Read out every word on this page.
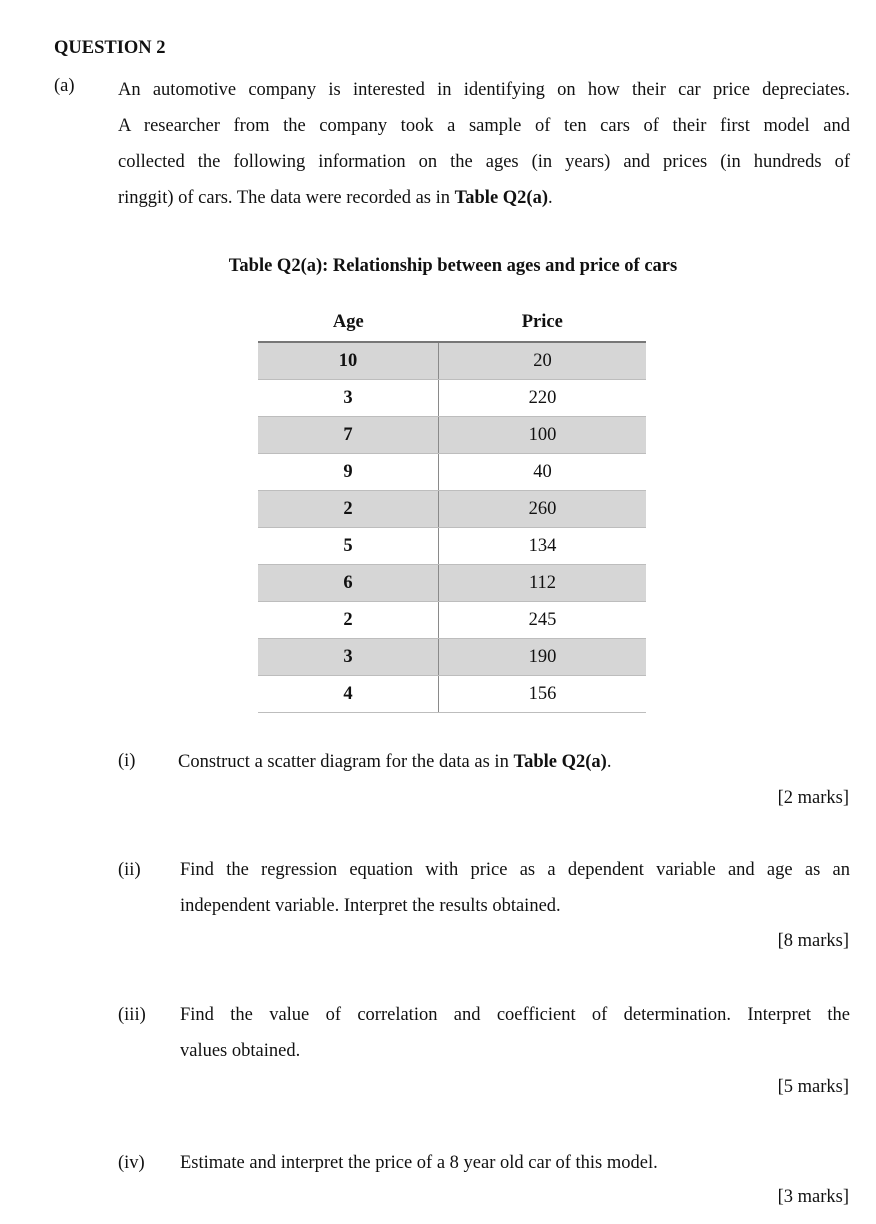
QUESTION 2
(a) An automotive company is interested in identifying on how their car price depreciates.
A researcher from the company took a sample of ten cars of their first model and
collected the following information on the ages (in years) and prices (in hundreds of
ringgit) of cars. The data were recorded as in Table Q2(a).
Table Q2(a): Relationship between ages and price of cars
Age	Price
10	20
3	220
7	100
9	40
2	260
5	134
6	112
2	245
3	190
4	156
(i) Construct a scatter diagram for the data as in Table Q2(a).
[2 marks]
(ii) Find the regression equation with price as a dependent variable and age as an
independent variable. Interpret the results obtained.
[8 marks]
(iii) Find the value of correlation and coefficient of determination. Interpret the
values obtained.
[5 marks]
(iv) Estimate and interpret the price of a 8 year old car of this model.
[3 marks]
